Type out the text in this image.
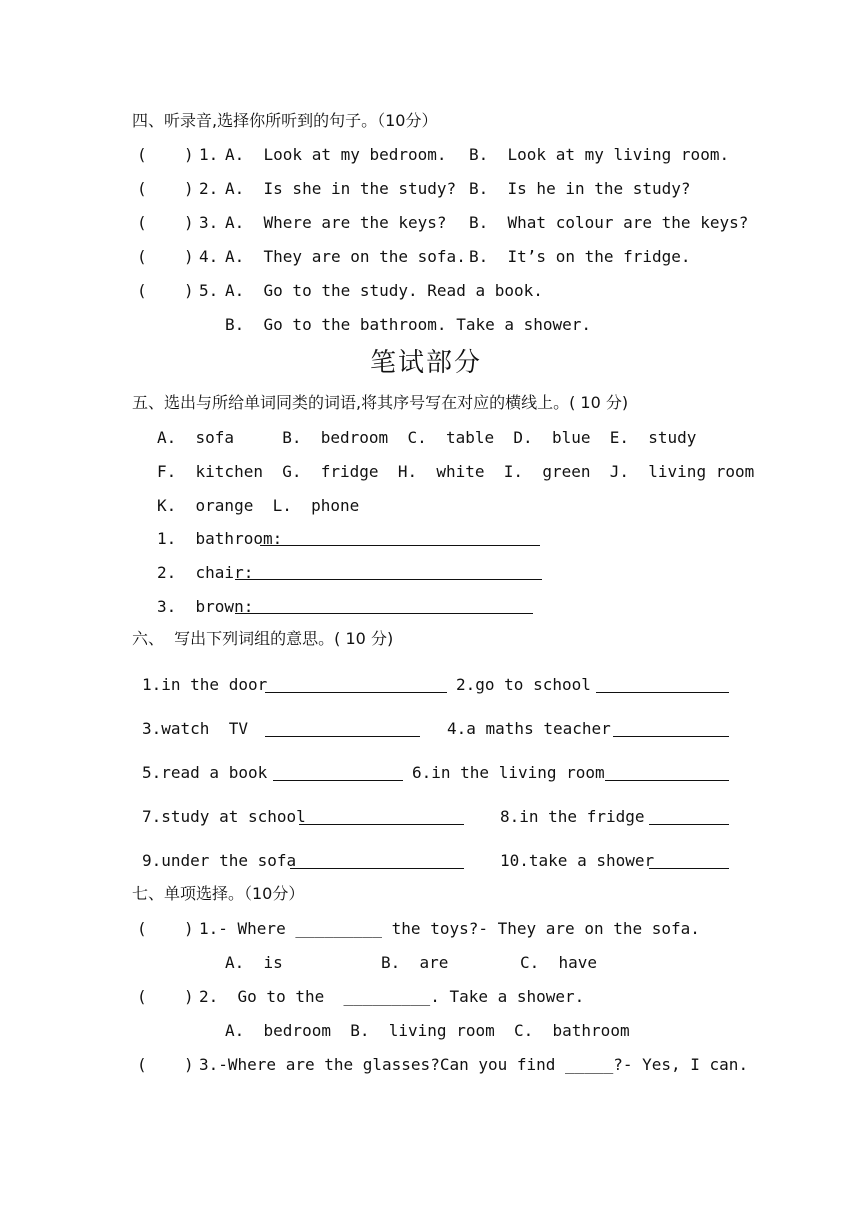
四、听录音,选择你所听到的句子。（10分）
( ) 1. A.  Look at my bedroom. B.  Look at my living room.
( ) 2. A.  Is she in the study? B.  Is he in the study?
( ) 3. A.  Where are the keys? B.  What colour are the keys?
( ) 4. A.  They are on the sofa. B.  It’s on the fridge.
( ) 5. A.  Go to the study. Read a book.
B.  Go to the bathroom. Take a shower.
笔试部分
五、选出与所给单词同类的词语,将其序号写在对应的横线上。( 10 分)
A.  sofa     B.  bedroom  C.  table  D.  blue  E.  study
F.  kitchen  G.  fridge  H.  white  I.  green  J.  living room
K.  orange  L.  phone
1.  bathroom:
2.  chair:
3.  brown:
六、  写出下列词组的意思。( 10 分)
1.in the door	2.go to school
3.watch  TV	4.a maths teacher
5.read a book	6.in the living room
7.study at school	8.in the fridge
9.under the sofa	10.take a shower
七、单项选择。（10分）
( ) 1.- Where _________ the toys?- They are on the sofa.
A.  is	B.  are	C.  have
( ) 2.  Go to the  _________. Take a shower.
A.  bedroom  B.  living room  C.  bathroom
( ) 3.-Where are the glasses?Can you find _____?- Yes, I can.
